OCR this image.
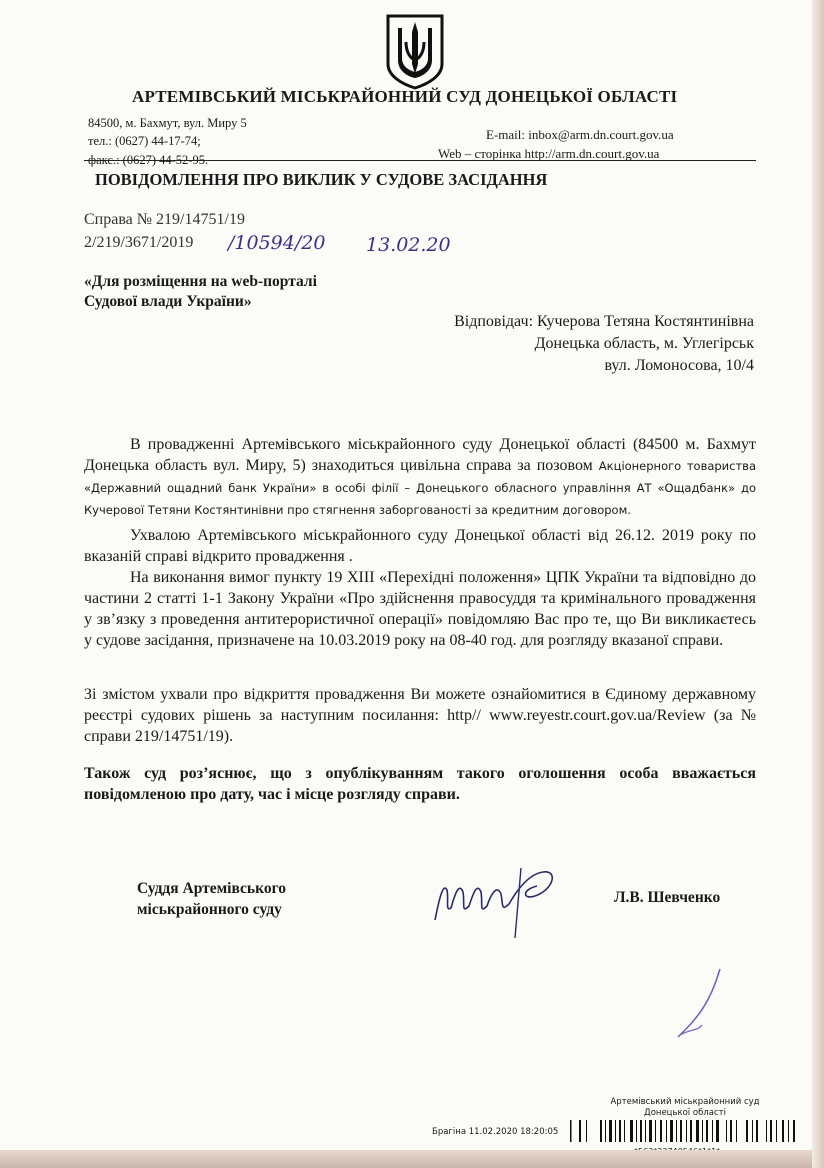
АРТЕМІВСЬКИЙ МІСЬКРАЙОННИЙ СУД ДОНЕЦЬКОЇ ОБЛАСТІ
84500, м. Бахмут, вул. Миру 5
тел.: (0627) 44-17-74;
факс.: (0627) 44-52-95.
E-mail: inbox@arm.dn.court.gov.ua
Web – сторінка http://arm.dn.court.gov.ua
ПОВІДОМЛЕННЯ ПРО ВИКЛИК У СУДОВЕ ЗАСІДАННЯ
Справа № 219/14751/19
2/219/3671/2019 /10594/20 13.02.20
«Для розміщення на web-порталі
Судової влади України»
Відповідач: Кучерова Тетяна Костянтинівна
Донецька область, м. Углегірськ
вул. Ломоносова, 10/4
В провадженні Артемівського міськрайонного суду Донецької області (84500 м. Бахмут Донецька область вул. Миру, 5) знаходиться цивільна справа за позовом Акціонерного товариства «Державний ощадний банк України» в особі філії – Донецького обласного управління АТ «Ощадбанк» до Кучерової Тетяни Костянтинівни про стягнення заборгованості за кредитним договором.
Ухвалою Артемівського міськрайонного суду Донецької області від 26.12. 2019 року по вказаній справі відкрито провадження .
На виконання вимог пункту 19 ХIII «Перехідні положення» ЦПК України та відповідно до частини 2 статті 1-1 Закону України «Про здійснення правосуддя та кримінального провадження у зв’язку з проведення антитерористичної операції» повідомляю Вас про те, що Ви викликаєтесь у судове засідання, призначене на 10.03.2019 року на 08-40 год. для розгляду вказаної справи.
Зі змістом ухвали про відкриття провадження Ви можете ознайомитися в Єдиному державному реєстрі судових рішень за наступним посилання: http// www.reyestr.court.gov.ua/Review (за № справи 219/14751/19).
Також суд роз’яснює, що з опублікуванням такого оголошення особа вважається повідомленою про дату, час і місце розгляду справи.
Суддя Артемівського
міськрайонного суду
Л.В. Шевченко
Артемівський міськрайонний суд
Донецької області
Брагіна 11.02.2020 18:20:05
